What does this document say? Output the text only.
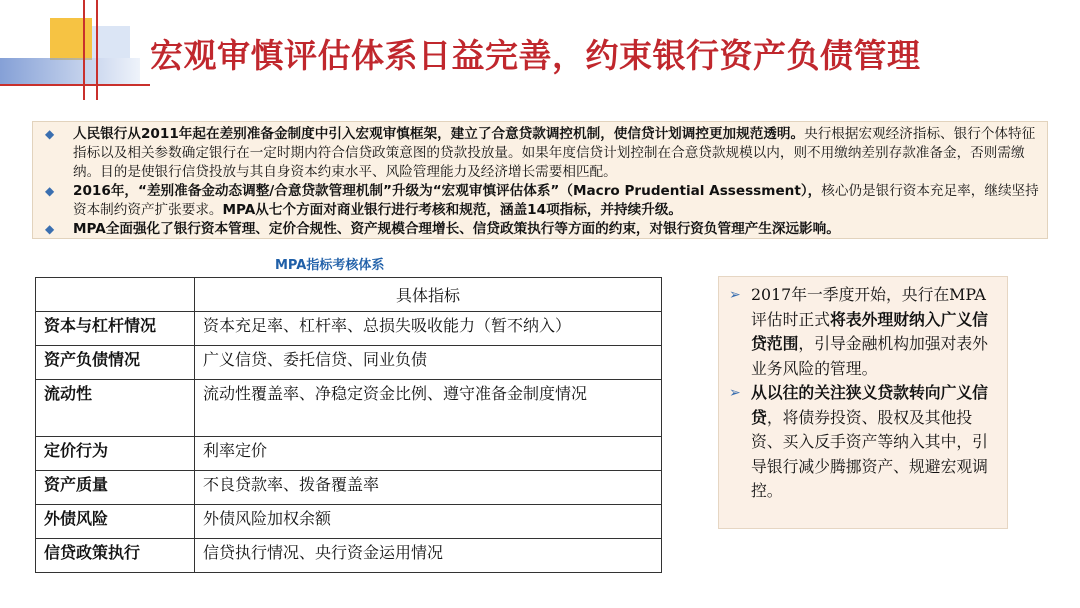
宏观审慎评估体系日益完善，约束银行资产负债管理
◆ 人民银行从2011年起在差别准备金制度中引入宏观审慎框架，建立了合意贷款调控机制，使信贷计划调控更加规范透明。央行根据宏观经济指标、银行个体特征指标以及相关参数确定银行在一定时期内符合信贷政策意图的贷款投放量。如果年度信贷计划控制在合意贷款规模以内，则不用缴纳差别存款准备金，否则需缴纳。目的是使银行信贷投放与其自身资本约束水平、风险管理能力及经济增长需要相匹配。
◆ 2016年，“差别准备金动态调整/合意贷款管理机制”升级为“宏观审慎评估体系”（Macro Prudential Assessment），核心仍是银行资本充足率，继续坚持资本制约资产扩张要求。MPA从七个方面对商业银行进行考核和规范，涵盖14项指标，并持续升级。
◆ MPA全面强化了银行资本管理、定价合规性、资产规模合理增长、信贷政策执行等方面的约束，对银行资负管理产生深远影响。
MPA指标考核体系
	具体指标
资本与杠杆情况	资本充足率、杠杆率、总损失吸收能力（暂不纳入）
资产负债情况	广义信贷、委托信贷、同业负债
流动性	流动性覆盖率、净稳定资金比例、遵守准备金制度情况
定价行为	利率定价
资产质量	不良贷款率、拨备覆盖率
外债风险	外债风险加权余额
信贷政策执行	信贷执行情况、央行资金运用情况
➢ 2017年一季度开始，央行在MPA评估时正式将表外理财纳入广义信贷范围，引导金融机构加强对表外业务风险的管理。
➢ 从以往的关注狭义贷款转向广义信贷，将债券投资、股权及其他投资、买入反手资产等纳入其中，引导银行减少腾挪资产、规避宏观调控。
